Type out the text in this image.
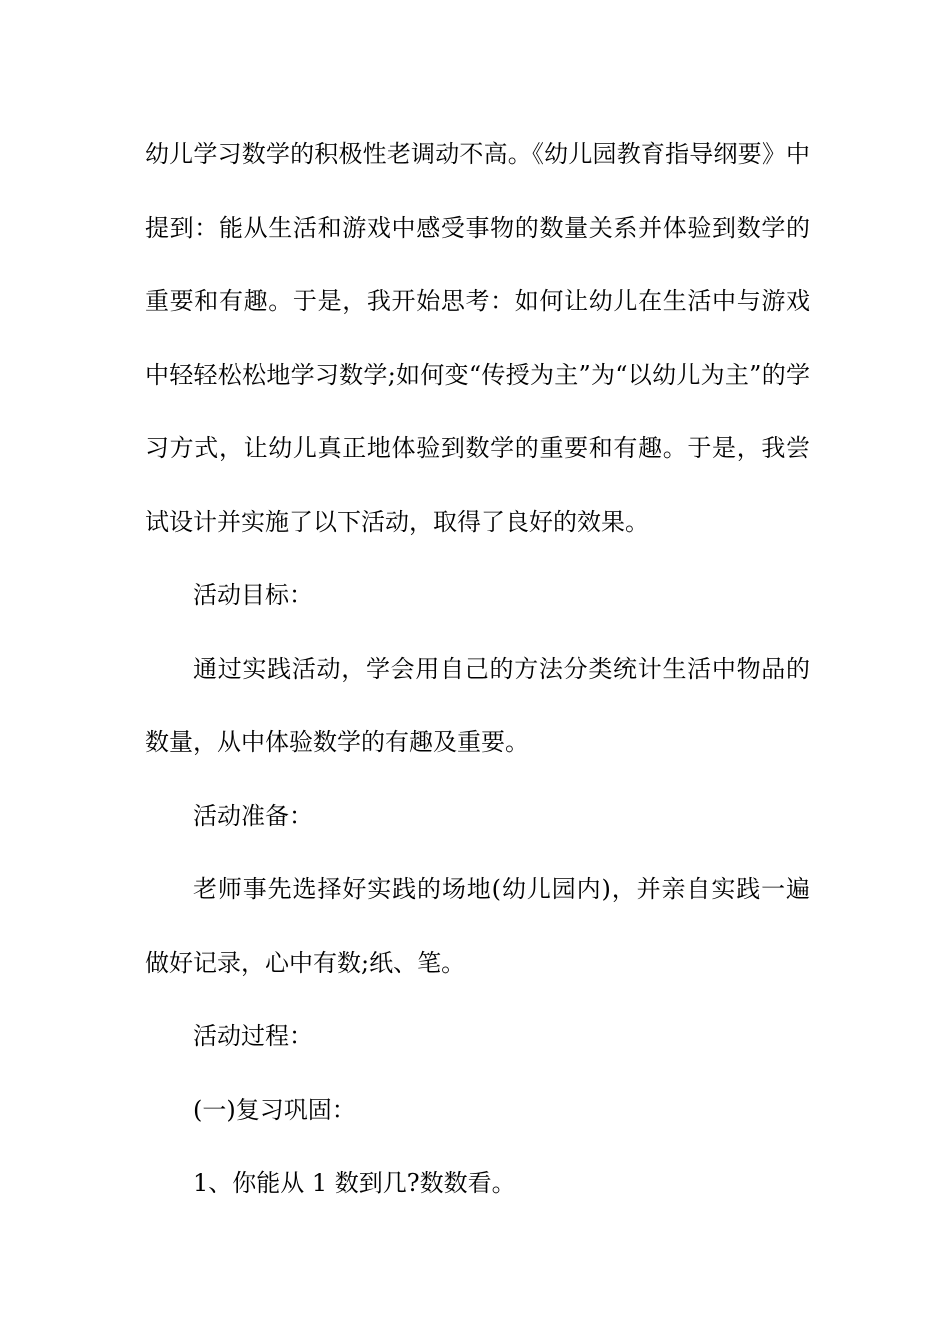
幼儿学习数学的积极性老调动不高。《幼儿园教育指导纲要》中提到：能从生活和游戏中感受事物的数量关系并体验到数学的重要和有趣。于是，我开始思考：如何让幼儿在生活中与游戏中轻轻松松地学习数学;如何变“传授为主”为“以幼儿为主”的学习方式，让幼儿真正地体验到数学的重要和有趣。于是，我尝试设计并实施了以下活动，取得了良好的效果。

活动目标：

通过实践活动，学会用自己的方法分类统计生活中物品的数量，从中体验数学的有趣及重要。

活动准备：

老师事先选择好实践的场地(幼儿园内)，并亲自实践一遍做好记录，心中有数;纸、笔。

活动过程：

(一)复习巩固：

1、你能从 1 数到几?数数看。
